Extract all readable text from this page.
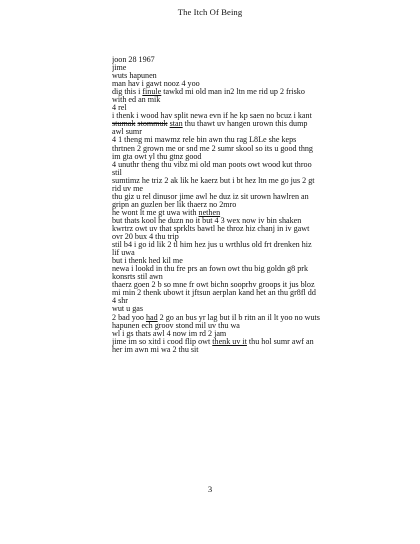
The Itch Of Being
joon 28 1967
jime
wuts hapunen
man hav i gawt nooz 4 yoo
dig this i finule tawkd mi old man in2 ltn me rid up 2 frisko
with ed an mik
4 rel
i thenk i wood hav split newa evn if he kp saen no bcuz i kant
stumak stommuk stan thu thawt uv hangen urown this dump
awl sumr
4 1 theng mi mawmz rele bin awn thu rag L8Le she keps
thrtnen 2 grown me or snd me 2 sumr skool so its u good thng
im gta owt yl thu gtnz good
4 unuthr theng thu vibz mi old man poots owt wood kut throo
stil
sumtimz he triz 2 ak lik he kaerz but i bt hez ltn me go jus 2 gt
rid uv me
thu giz u rel dinusor jime awl he duz iz sit urown hawlren an
gripn an guzlen ber lik thaerz no 2mro
he wont lt me gt uwa with nethen
but thats kool he duzn no it but 4 3 wex now iv bin shaken
kwrtrz owt uv that sprklts bawtl he throz hiz chanj in iv gawt
ovr 20 bux 4 thu trip
stil b4 i go id lik 2 tl him hez jus u wrthlus old frt drenken hiz
lif uwa
but i thenk hed kil me
newa i lookd in thu fre prs an fown owt thu big goldn g8 prk
konsrts stil awn
thaerz goen 2 b so mne fr owt bichn sooprhv groops it jus bloz
mi min 2 thenk ubowt it jftsun aerplan kand het an thu gr8fl dd
4 shr
wut u gas
2 bad yoo had 2 go an bus yr lag but il b ritn an il lt yoo no wuts
hapunen ech groov stond mil uv thu wa
wl i gs thats awl 4 now im rd 2 jam
jime im so xitd i cood flip owt thenk uv it thu hol sumr awf an
her im awn mi wa 2 thu sit
3
